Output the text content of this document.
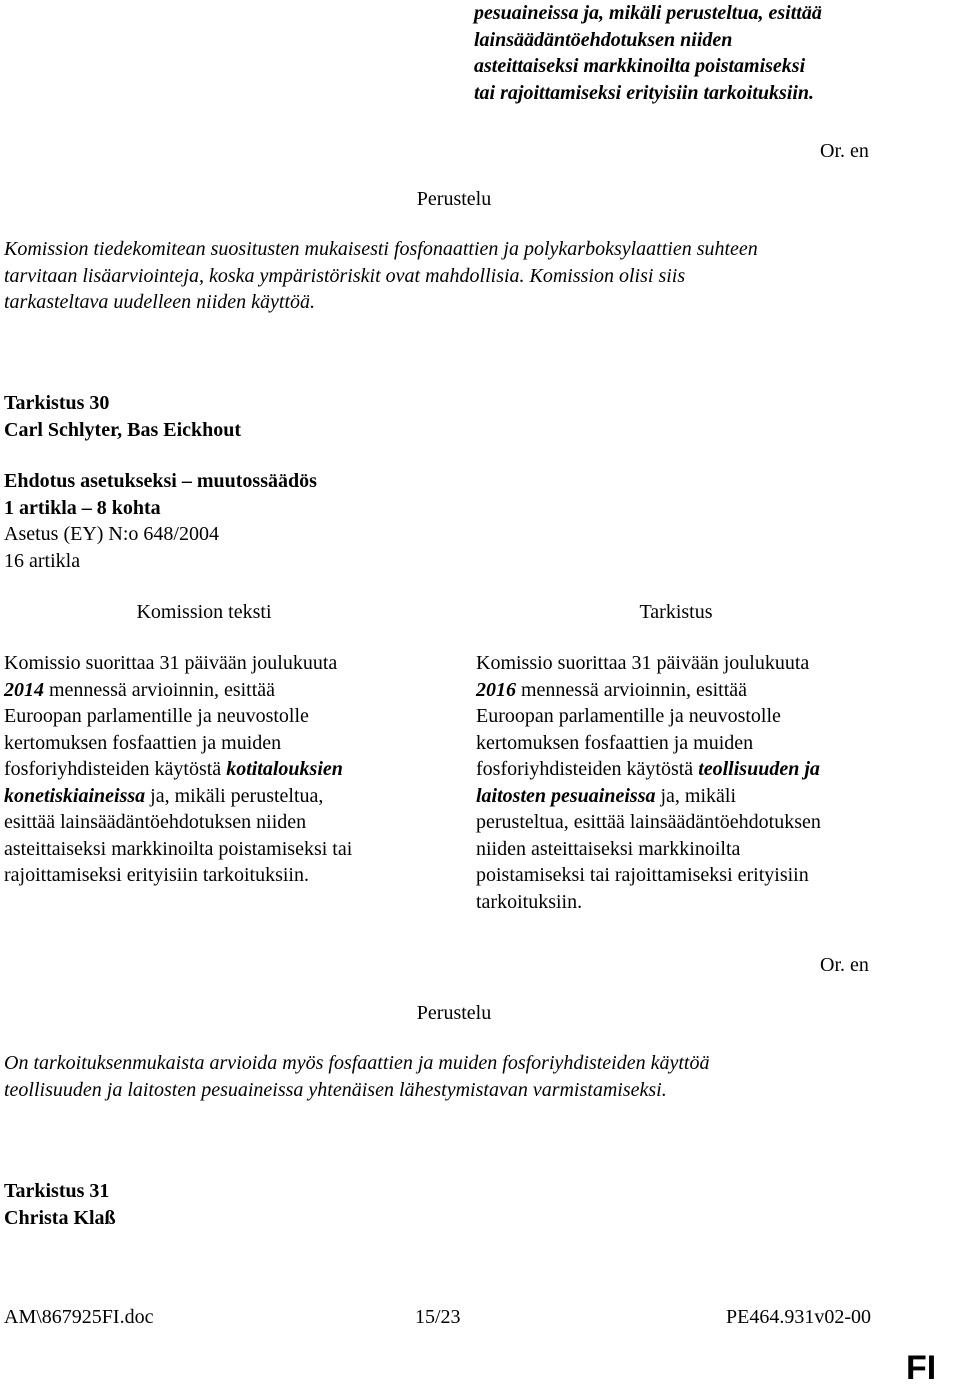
pesuaineissa ja, mikäli perusteltua, esittää
lainsäädäntöehdotuksen niiden
asteittaiseksi markkinoilta poistamiseksi
tai rajoittamiseksi erityisiin tarkoituksiin.
Or. en
Perustelu
Komission tiedekomitean suositusten mukaisesti fosfonaattien ja polykarboksylaattien suhteen
tarvitaan lisäarviointeja, koska ympäristöriskit ovat mahdollisia. Komission olisi siis
tarkasteltava uudelleen niiden käyttöä.
Tarkistus 30
Carl Schlyter, Bas Eickhout
Ehdotus asetukseksi – muutossäädös
1 artikla – 8 kohta
Asetus (EY) N:o 648/2004
16 artikla
Komission teksti	Tarkistus
Komissio suorittaa 31 päivään joulukuuta
2014 mennessä arvioinnin, esittää
Euroopan parlamentille ja neuvostolle
kertomuksen fosfaattien ja muiden
fosforiyhdisteiden käytöstä kotitalouksien
konetiskiaineissa ja, mikäli perusteltua,
esittää lainsäädäntöehdotuksen niiden
asteittaiseksi markkinoilta poistamiseksi tai
rajoittamiseksi erityisiin tarkoituksiin.
Komissio suorittaa 31 päivään joulukuuta
2016 mennessä arvioinnin, esittää
Euroopan parlamentille ja neuvostolle
kertomuksen fosfaattien ja muiden
fosforiyhdisteiden käytöstä teollisuuden ja
laitosten pesuaineissa ja, mikäli
perusteltua, esittää lainsäädäntöehdotuksen
niiden asteittaiseksi markkinoilta
poistamiseksi tai rajoittamiseksi erityisiin
tarkoituksiin.
Or. en
Perustelu
On tarkoituksenmukaista arvioida myös fosfaattien ja muiden fosforiyhdisteiden käyttöä
teollisuuden ja laitosten pesuaineissa yhtenäisen lähestymistavan varmistamiseksi.
Tarkistus 31
Christa Klaß
AM\867925FI.doc	15/23	PE464.931v02-00
FI
